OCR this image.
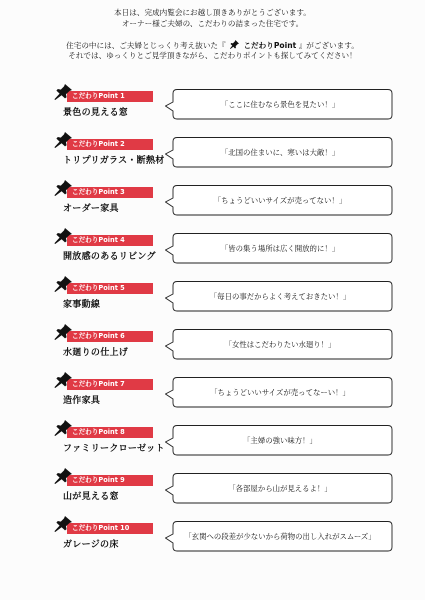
本日は、完成内覧会にお越し頂きありがとうございます。
オーナー様ご夫婦の、こだわりの詰まった住宅です。
住宅の中には、ご夫婦とじっくり考え抜いた『 こだわりPoint 』がございます。
それでは、ゆっくりとご見学頂きながら、こだわりポイントも探してみてください！
こだわりPoint 1
景色の見える窓
「ここに住むなら景色を見たい！」
こだわりPoint 2
トリプリガラス・断熱材
「北国の住まいに、寒いは大敵！」
こだわりPoint 3
オーダー家具
「ちょうどいいサイズが売ってない！」
こだわりPoint 4
開放感のあるリビング
「皆の集う場所は広く開放的に！」
こだわりPoint 5
家事動線
「毎日の事だからよく考えておきたい！」
こだわりPoint 6
水廻りの仕上げ
「女性はこだわりたい水廻り！」
こだわりPoint 7
造作家具
「ちょうどいいサイズが売ってなーい！」
こだわりPoint 8
ファミリークローゼット
「主婦の強い味方！」
こだわりPoint 9
山が見える窓
「各部屋から山が見えるよ！」
こだわりPoint 10
ガレージの床
「玄関への段差が少ないから荷物の出し入れがスムーズ」
